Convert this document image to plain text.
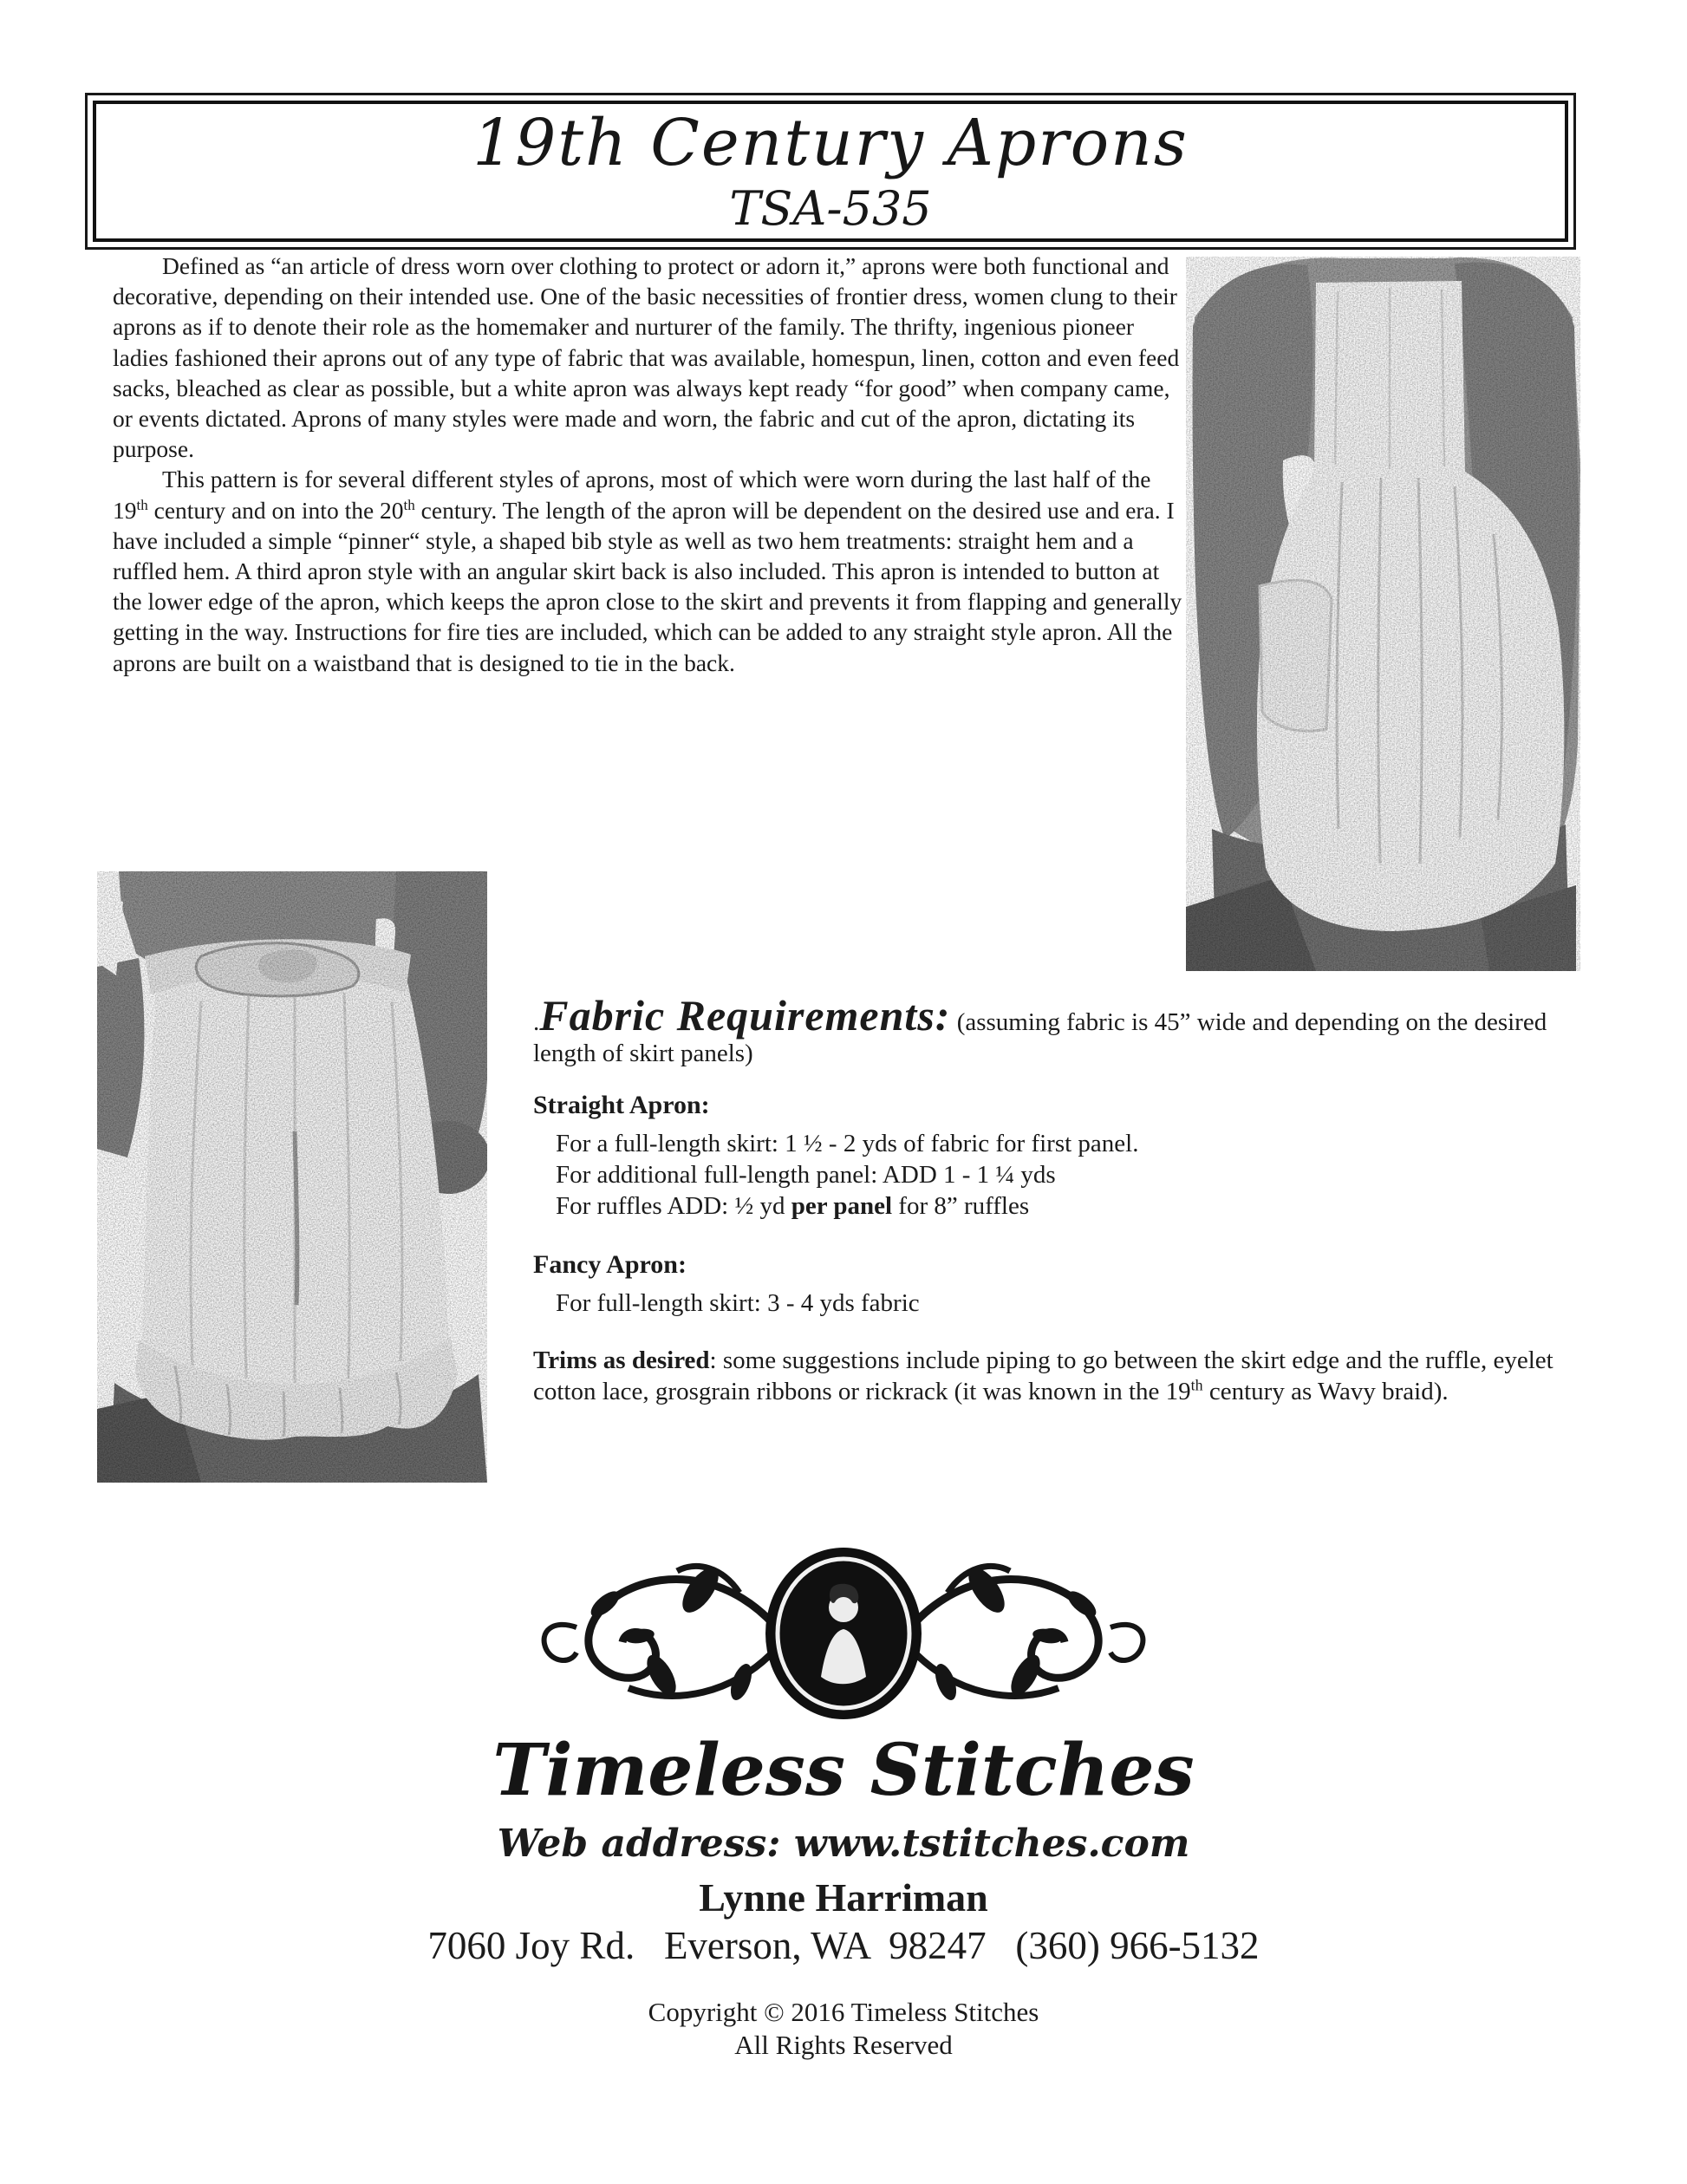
19th Century Aprons
TSA-535

Defined as “an article of dress worn over clothing to protect or adorn it,” aprons were both functional and decorative, depending on their intended use. One of the basic necessities of frontier dress, women clung to their aprons as if to denote their role as the homemaker and nurturer of the family. The thrifty, ingenious pioneer ladies fashioned their aprons out of any type of fabric that was available, homespun, linen, cotton and even feed sacks, bleached as clear as possible, but a white apron was always kept ready “for good” when company came, or events dictated. Aprons of many styles were made and worn, the fabric and cut of the apron, dictating its purpose.

This pattern is for several different styles of aprons, most of which were worn during the last half of the 19th century and on into the 20th century. The length of the apron will be dependent on the desired use and era. I have included a simple “pinner“ style, a shaped bib style as well as two hem treatments: straight hem and a ruffled hem. A third apron style with an angular skirt back is also included. This apron is intended to button at the lower edge of the apron, which keeps the apron close to the skirt and prevents it from flapping and generally getting in the way. Instructions for fire ties are included, which can be added to any straight style apron. All the aprons are built on a waistband that is designed to tie in the back.

.Fabric Requirements: (assuming fabric is 45” wide and depending on the desired length of skirt panels)

Straight Apron:

For a full-length skirt: 1 ½ - 2 yds of fabric for first panel.

For additional full-length panel: ADD 1 - 1 ¼ yds

For ruffles ADD: ½ yd per panel for 8” ruffles

Fancy Apron:

For full-length skirt: 3 - 4 yds fabric

Trims as desired: some suggestions include piping to go between the skirt edge and the ruffle, eyelet cotton lace, grosgrain ribbons or rickrack (it was known in the 19th century as Wavy braid).

Timeless Stitches
Web address: www.tstitches.com
Lynne Harriman
7060 Joy Rd.   Everson, WA  98247   (360) 966-5132
Copyright © 2016 Timeless Stitches
All Rights Reserved
